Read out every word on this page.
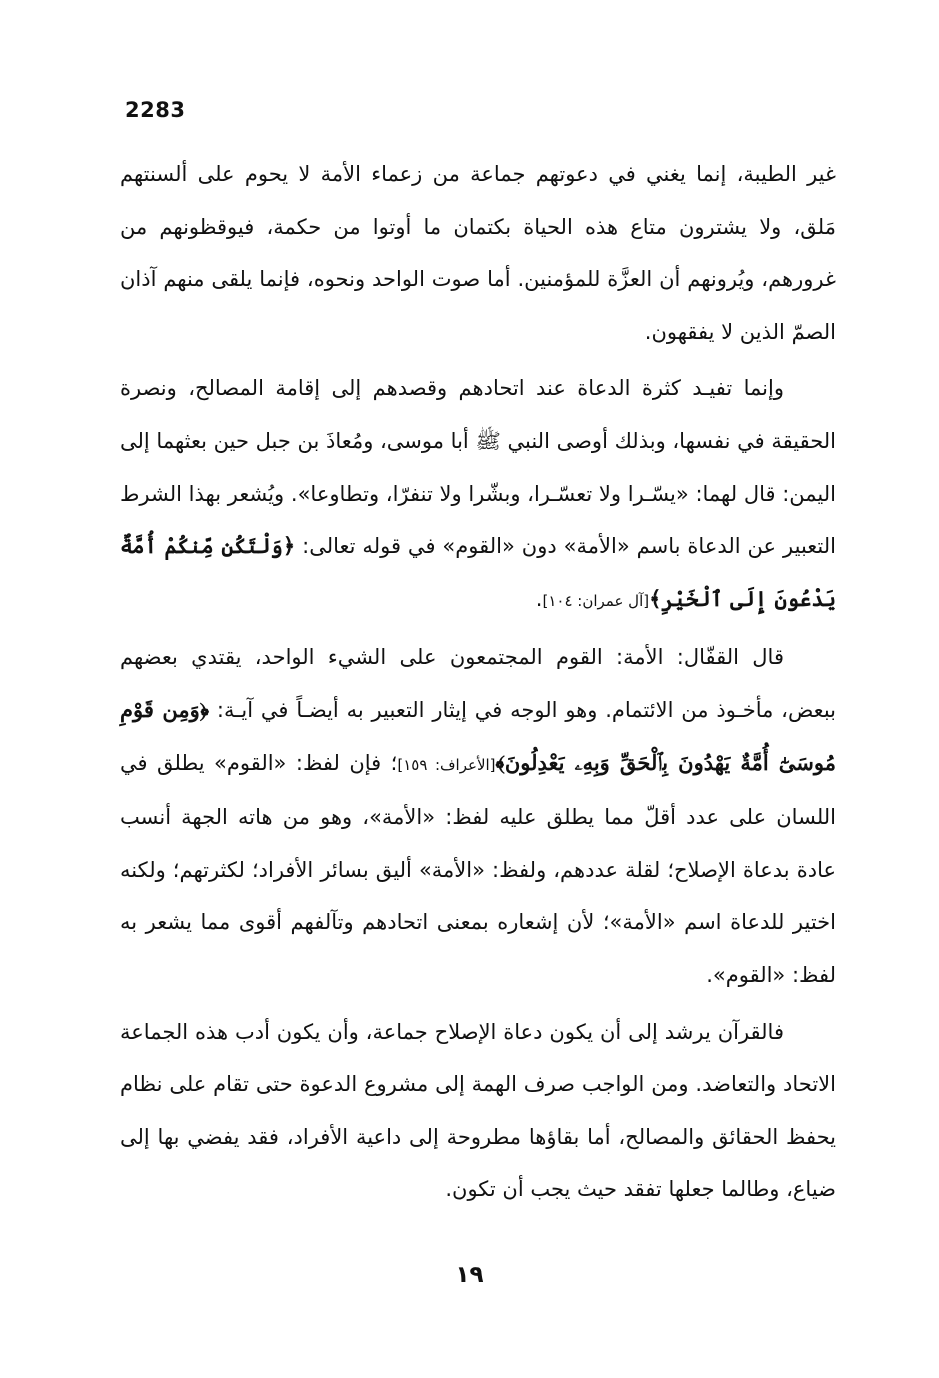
2283

غير الطيبة، إنما يغني في دعوتهم جماعة من زعماء الأمة لا يحوم على ألسنتهم مَلق، ولا يشترون متاع هذه الحياة بكتمان ما أوتوا من حكمة، فيوقظونهم من غرورهم، ويُرونهم أن العزَّة للمؤمنين. أما صوت الواحد ونحوه، فإنما يلقى منهم آذان الصمّ الذين لا يفقهون.

وإنما تفيـد كثرة الدعاة عند اتحادهم وقصدهم إلى إقامة المصالح، ونصرة الحقيقة في نفسها، وبذلك أوصى النبي ﷺ أبا موسى، ومُعاذَ بن جبل حين بعثهما إلى اليمن: قال لهما: «يسّـرا ولا تعسّـرا، وبشّرا ولا تنفرّا، وتطاوعا». ويُشعر بهذا الشرط التعبير عن الدعاة باسم «الأمة» دون «القوم» في قوله تعالى: ﴿وَلْتَكُن مِّنكُمْ أُمَّةٌ يَدْعُونَ إِلَى ٱلْخَيْرِ﴾[آل عمران: ١٠٤].

قال القفّال: الأمة: القوم المجتمعون على الشيء الواحد، يقتدي بعضهم ببعض، مأخـوذ من الائتمام. وهو الوجه في إيثار التعبير به أيضـاً في آيـة: ﴿وَمِن قَوْمِ مُوسَىٰٓ أُمَّةٌ يَهْدُونَ بِٱلْحَقِّ وَبِهِۦ يَعْدِلُونَ﴾[الأعراف: ١٥٩]؛ فإن لفظ: «القوم» يطلق في اللسان على عدد أقلّ مما يطلق عليه لفظ: «الأمة»، وهو من هاته الجهة أنسب عادة بدعاة الإصلاح؛ لقلة عددهم، ولفظ: «الأمة» أليق بسائر الأفراد؛ لكثرتهم؛ ولكنه اختير للدعاة اسم «الأمة»؛ لأن إشعاره بمعنى اتحادهم وتآلفهم أقوى مما يشعر به لفظ: «القوم».

فالقرآن يرشد إلى أن يكون دعاة الإصلاح جماعة، وأن يكون أدب هذه الجماعة الاتحاد والتعاضد. ومن الواجب صرف الهمة إلى مشروع الدعوة حتى تقام على نظام يحفظ الحقائق والمصالح، أما بقاؤها مطروحة إلى داعية الأفراد، فقد يفضي بها إلى ضياع، وطالما جعلها تفقد حيث يجب أن تكون.

١٩
